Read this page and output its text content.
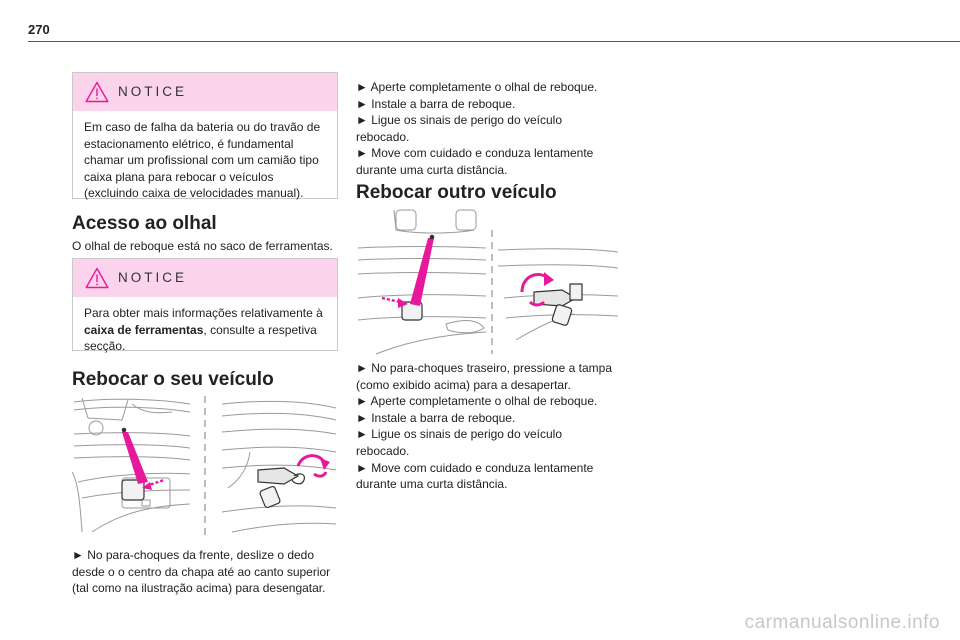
270
NOTICE
Em caso de falha da bateria ou do travão de
estacionamento elétrico, é fundamental
chamar um profissional com um camião tipo
caixa plana para rebocar o veículos
(excluindo caixa de velocidades manual).
Acesso ao olhal
O olhal de reboque está no saco de ferramentas.
NOTICE
Para obter mais informações relativamente à
caixa de ferramentas, consulte a respetiva
secção.
Rebocar o seu veículo
► No para-choques da frente, deslize o dedo
desde o o centro da chapa até ao canto superior
(tal como na ilustração acima) para desengatar.
► Aperte completamente o olhal de reboque.
► Instale a barra de reboque.
► Ligue os sinais de perigo do veículo
rebocado.
► Move com cuidado e conduza lentamente
durante uma curta distância.
Rebocar outro veículo
► No para-choques traseiro, pressione a tampa
(como exibido acima) para a desapertar.
► Aperte completamente o olhal de reboque.
► Instale a barra de reboque.
► Ligue os sinais de perigo do veículo
rebocado.
► Move com cuidado e conduza lentamente
durante uma curta distância.
carmanualsonline.info
